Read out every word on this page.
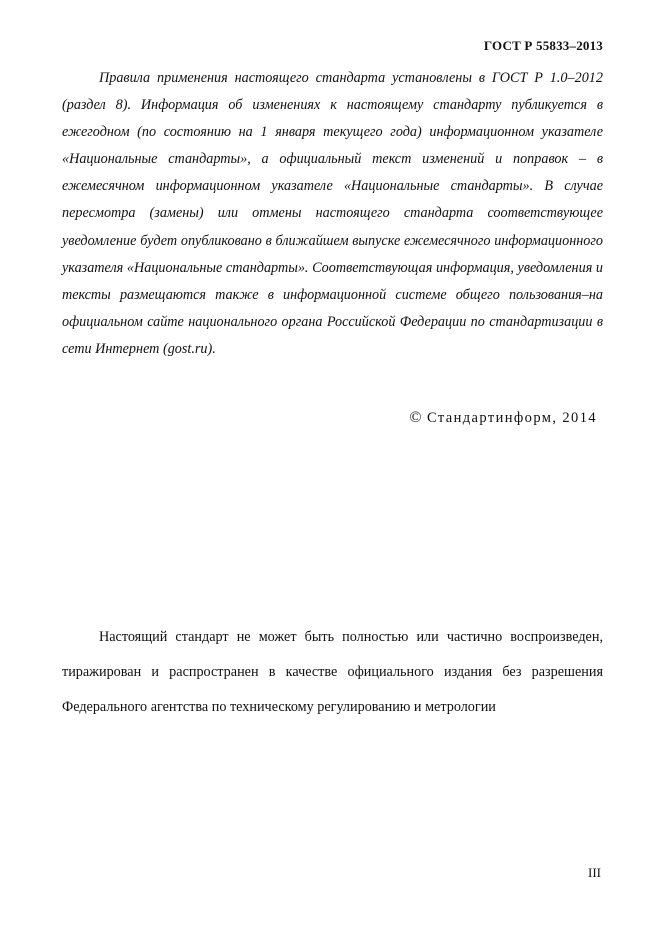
ГОСТ Р 55833–2013

Правила применения настоящего стандарта установлены в ГОСТ Р 1.0–2012 (раздел 8). Информация об изменениях к настоящему стандарту публикуется в ежегодном (по состоянию на 1 января текущего года) информационном указателе «Национальные стандарты», а официальный текст изменений и поправок – в ежемесячном информационном указателе «Национальные стандарты». В случае пересмотра (замены) или отмены настоящего стандарта соответствующее уведомление будет опубликовано в ближайшем выпуске ежемесячного информационного указателя «Национальные стандарты». Соответствующая информация, уведомления и тексты размещаются также в информационной системе общего пользования–на официальном сайте национального органа Российской Федерации по стандартизации в сети Интернет (gost.ru).

© Стандартинформ, 2014

Настоящий стандарт не может быть полностью или частично воспроизведен, тиражирован и распространен в качестве официального издания без разрешения Федерального агентства по техническому регулированию и метрологии

III
